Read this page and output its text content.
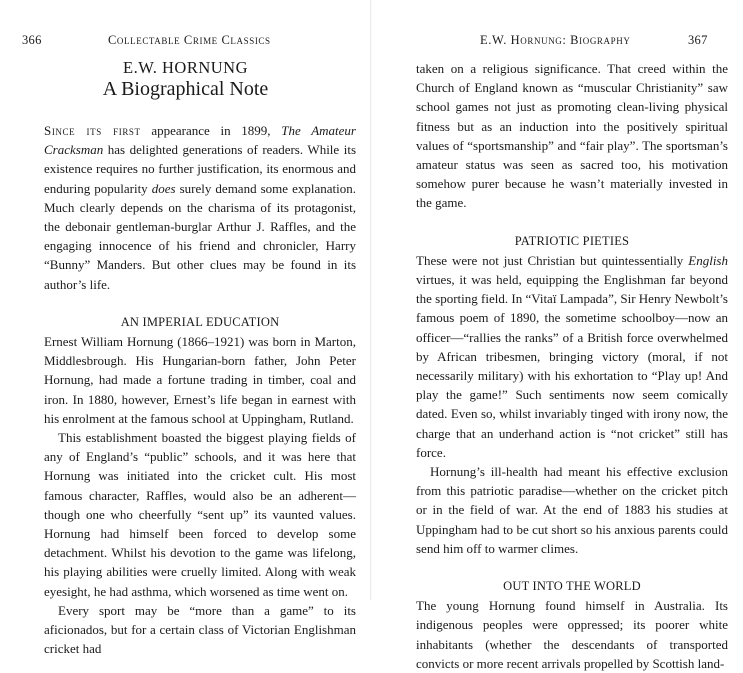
366	Collectable Crime Classics
E.W. HORNUNG
A Biographical Note

Since its first appearance in 1899, The Amateur Cracksman has delighted generations of readers. While its existence requires no further justification, its enormous and enduring popularity does surely demand some explanation. Much clearly depends on the charisma of its protagonist, the debonair gentleman-burglar Arthur J. Raffles, and the engaging innocence of his friend and chronicler, Harry “Bunny” Manders. But other clues may be found in its author’s life.

AN IMPERIAL EDUCATION

Ernest William Hornung (1866–1921) was born in Marton, Middlesbrough. His Hungarian-born father, John Peter Hornung, had made a fortune trading in timber, coal and iron. In 1880, however, Ernest’s life began in earnest with his enrolment at the famous school at Uppingham, Rutland.

This establishment boasted the biggest playing fields of any of England’s “public” schools, and it was here that Hornung was initiated into the cricket cult. His most famous character, Raffles, would also be an adherent—though one who cheerfully “sent up” its vaunted values. Hornung had himself been forced to develop some detachment. Whilst his devotion to the game was lifelong, his playing abilities were cruelly limited. Along with weak eyesight, he had asthma, which worsened as time went on.

Every sport may be “more than a game” to its aficionados, but for a certain class of Victorian Englishman cricket had

E.W. Hornung: Biography	367

taken on a religious significance. That creed within the Church of England known as “muscular Christianity” saw school games not just as promoting clean-living physical fitness but as an induction into the positively spiritual values of “sportsmanship” and “fair play”. The sportsman’s amateur status was seen as sacred too, his motivation somehow purer because he wasn’t materially invested in the game.

PATRIOTIC PIETIES

These were not just Christian but quintessentially English virtues, it was held, equipping the Englishman far beyond the sporting field. In “Vitaï Lampada”, Sir Henry Newbolt’s famous poem of 1890, the sometime schoolboy—now an officer—“rallies the ranks” of a British force overwhelmed by African tribesmen, bringing victory (moral, if not necessarily military) with his exhortation to “Play up! And play the game!” Such sentiments now seem comically dated. Even so, whilst invariably tinged with irony now, the charge that an underhand action is “not cricket” still has force.

Hornung’s ill-health had meant his effective exclusion from this patriotic paradise—whether on the cricket pitch or in the field of war. At the end of 1883 his studies at Uppingham had to be cut short so his anxious parents could send him off to warmer climes.

OUT INTO THE WORLD

The young Hornung found himself in Australia. Its indigenous peoples were oppressed; its poorer white inhabitants (whether the descendants of transported convicts or more recent arrivals propelled by Scottish land-
